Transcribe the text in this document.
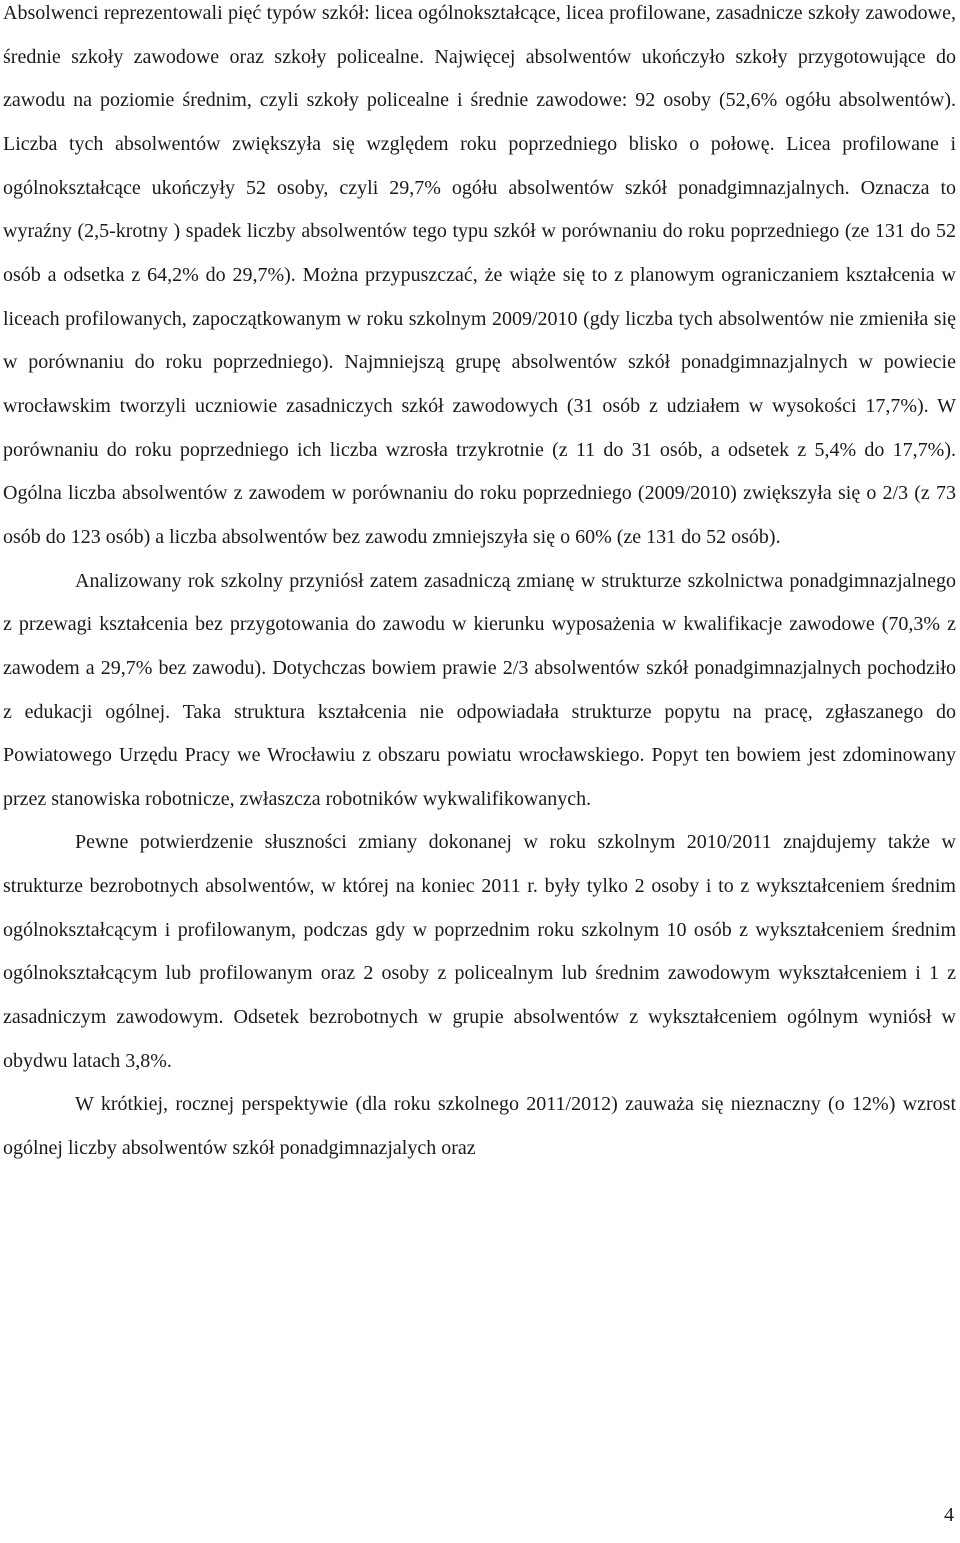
Absolwenci reprezentowali pięć typów szkół: licea ogólnokształcące, licea profilowane, zasadnicze szkoły zawodowe, średnie szkoły zawodowe oraz szkoły policealne. Najwięcej absolwentów ukończyło szkoły przygotowujące do zawodu na poziomie średnim, czyli szkoły policealne i średnie zawodowe: 92 osoby (52,6% ogółu absolwentów). Liczba tych absolwentów zwiększyła się względem roku poprzedniego blisko o połowę. Licea profilowane i ogólnokształcące ukończyły 52 osoby, czyli 29,7% ogółu absolwentów szkół ponadgimnazjalnych. Oznacza to wyraźny (2,5-krotny ) spadek liczby absolwentów tego typu szkół w porównaniu do roku poprzedniego (ze 131 do 52 osób a odsetka z 64,2% do 29,7%). Można przypuszczać, że wiąże się to z planowym ograniczaniem kształcenia w liceach profilowanych, zapoczątkowanym w roku szkolnym 2009/2010 (gdy liczba tych absolwentów nie zmieniła się w porównaniu do roku poprzedniego). Najmniejszą grupę absolwentów szkół ponadgimnazjalnych w powiecie wrocławskim tworzyli uczniowie zasadniczych szkół zawodowych (31 osób z udziałem w wysokości 17,7%). W porównaniu do roku poprzedniego ich liczba wzrosła trzykrotnie (z 11 do 31 osób, a odsetek z 5,4% do 17,7%). Ogólna liczba absolwentów z zawodem w porównaniu do roku poprzedniego (2009/2010) zwiększyła się o 2/3 (z 73 osób do 123 osób) a liczba absolwentów bez zawodu zmniejszyła się o 60% (ze 131 do 52 osób).

Analizowany rok szkolny przyniósł zatem zasadniczą zmianę w strukturze szkolnictwa ponadgimnazjalnego z przewagi kształcenia bez przygotowania do zawodu w kierunku wyposażenia w kwalifikacje zawodowe (70,3% z zawodem a 29,7% bez zawodu). Dotychczas bowiem prawie 2/3 absolwentów szkół ponadgimnazjalnych pochodziło z edukacji ogólnej. Taka struktura kształcenia nie odpowiadała strukturze popytu na pracę, zgłaszanego do Powiatowego Urzędu Pracy we Wrocławiu z obszaru powiatu wrocławskiego. Popyt ten bowiem jest zdominowany przez stanowiska robotnicze, zwłaszcza robotników wykwalifikowanych.

Pewne potwierdzenie słuszności zmiany dokonanej w roku szkolnym 2010/2011 znajdujemy także w strukturze bezrobotnych absolwentów, w której na koniec 2011 r. były tylko 2 osoby i to z wykształceniem średnim ogólnokształcącym i profilowanym, podczas gdy w poprzednim roku szkolnym 10 osób z wykształceniem średnim ogólnokształcącym lub profilowanym oraz 2 osoby z policealnym lub średnim zawodowym wykształceniem i 1 z zasadniczym zawodowym. Odsetek bezrobotnych w grupie absolwentów z wykształceniem ogólnym wyniósł w obydwu latach 3,8%.

W krótkiej, rocznej perspektywie (dla roku szkolnego 2011/2012) zauważa się nieznaczny (o 12%) wzrost ogólnej liczby absolwentów szkół ponadgimnazjalych oraz

4
